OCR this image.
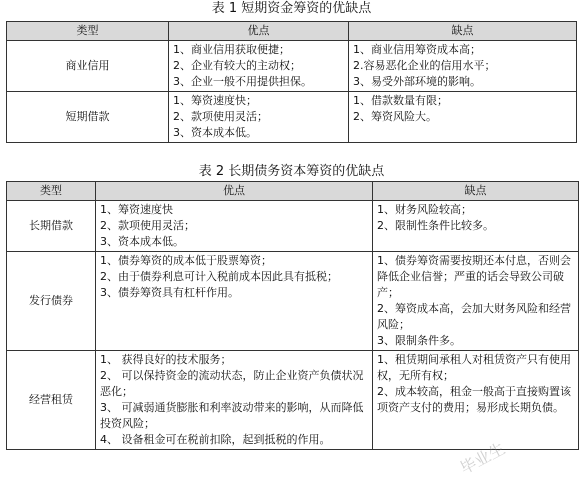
表 1 短期资金筹资的优缺点
类型	优点	缺点
商业信用	1、商业信用获取便捷；
2、企业有较大的主动权；
3、企业一般不用提供担保。	1、商业信用筹资成本高；
2.容易恶化企业的信用水平；
3、易受外部环境的影响。

短期借款	1、筹资速度快；
2、款项使用灵活；
3、资本成本低。	1、借款数量有限；
2、筹资风险大。
表 2 长期债务资本筹资的优缺点
类型	优点	缺点
长期借款	1、筹资速度快
2、款项使用灵活；
3、资本成本低。	1、财务风险较高；
2、限制性条件比较多。

发行债券	1、债券筹资的成本低于股票筹资；
2、由于债券利息可计入税前成本因此具有抵税；
3、债券筹资具有杠杆作用。	1、债券筹资需要按期还本付息，否则会降低企业信誉；严重的话会导致公司破产；
2、筹资成本高，会加大财务风险和经营风险；
3、限制条件多。

经营租赁	1、 获得良好的技术服务；
2、 可以保持资金的流动状态，防止企业资产负债状况恶化；
3、 可减弱通货膨胀和利率波动带来的影响，从而降低投资风险；
4、 设备租金可在税前扣除，起到抵税的作用。	1、租赁期间承租人对租赁资产只有使用权，无所有权；
2、成本较高，租金一般高于直接购置该项资产支付的费用；易形成长期负债。
毕业生
